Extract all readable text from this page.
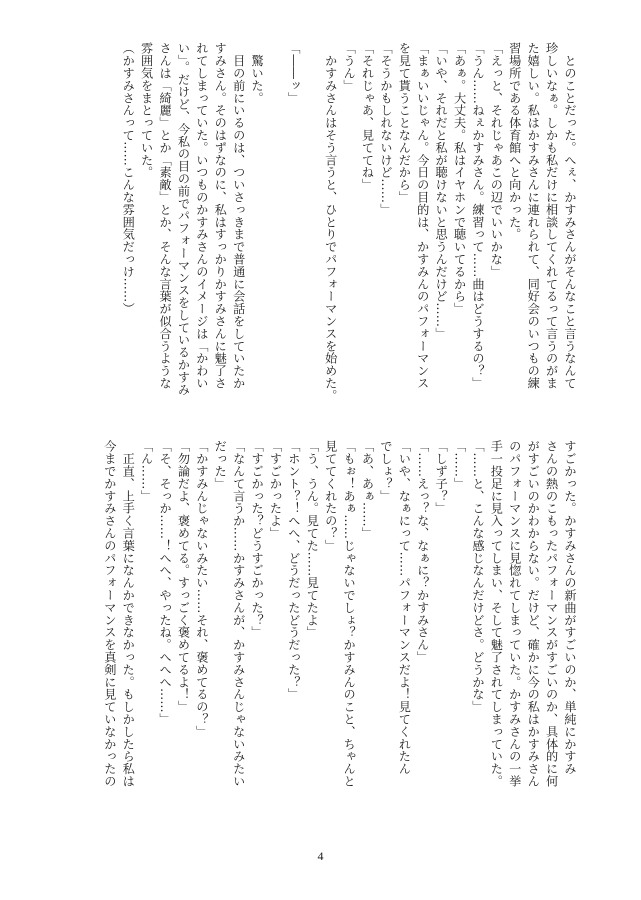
　とのことだった。へぇ、かすみさんがそんなこと言うなんて
珍しいなぁ。しかも私だけに相談してくれてるって言うのがま
た嬉しい。私はかすみさんに連れられて、同好会のいつもの練
習場所である体育館へと向かった。
「えっと、それじゃあこの辺でいいかな」
「うん……ねぇかすみさん。練習って……曲はどうするの？」
「あぁ。大丈夫。私はイヤホンで聴いてるから」
「いや、それだと私が聴けないと思うんだけど……」
「まぁいいじゃん。今日の目的は、かすみんのパフォーマンス
を見て貰うことなんだから」
「そうかもしれないけど……」
「それじゃあ、見ててね」
「うん」
　かすみさんはそう言うと、ひとりでパフォーマンスを始めた。

「――ッ」

　驚いた。
　目の前にいるのは、ついさっきまで普通に会話をしていたか
すみさん。そのはずなのに、私はすっかりかすみさんに魅了さ
れてしまっていた。いつものかすみさんのイメージは「かわい
い」。だけど、今私の目の前でパフォーマンスをしているかすみ
さんは「綺麗」とか「素敵」とか、そんな言葉が似合うような
雰囲気をまとっていた。
（かすみさんって……こんな雰囲気だっけ……）
すごかった。かすみさんの新曲がすごいのか、単純にかすみ
さんの熱のこもったパフォーマンスがすごいのか、具体的に何
がすごいのかわからない。だけど、確かに今の私はかすみさん
のパフォーマンスに見惚れてしまっていた。かすみさんの一挙
手一投足に見入ってしまい、そして魅了されてしまっていた。
「……と、こんな感じなんだけどさ。どうかな」
「……」
「しず子？」
「……えっ？な、なぁに？かすみさん」
「いや、なぁにって……パフォーマンスだよ！見てくれたん
でしょ？」
「あ、あぁ……」
「もぉ！あぁ……じゃないでしょ？かすみんのこと、ちゃんと
見ててくれたの？」
「う、うん。見てた……見てたよ」
「ホント？！へへ、どうだったどうだった？」
「すごかったよ」
「すごかった？どうすごかった？」
「なんて言うか……かすみさんが、かすみさんじゃないみたい
だった」
「かすみんじゃないみたい……それ、褒めてるの？」
「勿論だよ、褒めてる。すっごく褒めてるよ！」
「そ、そっか……！へへ、やったね。へへへ……」
「ん……」
　正直、上手く言葉になんかできなかった。もしかしたら私は
今までかすみさんのパフォーマンスを真剣に見ていなかったの
4
